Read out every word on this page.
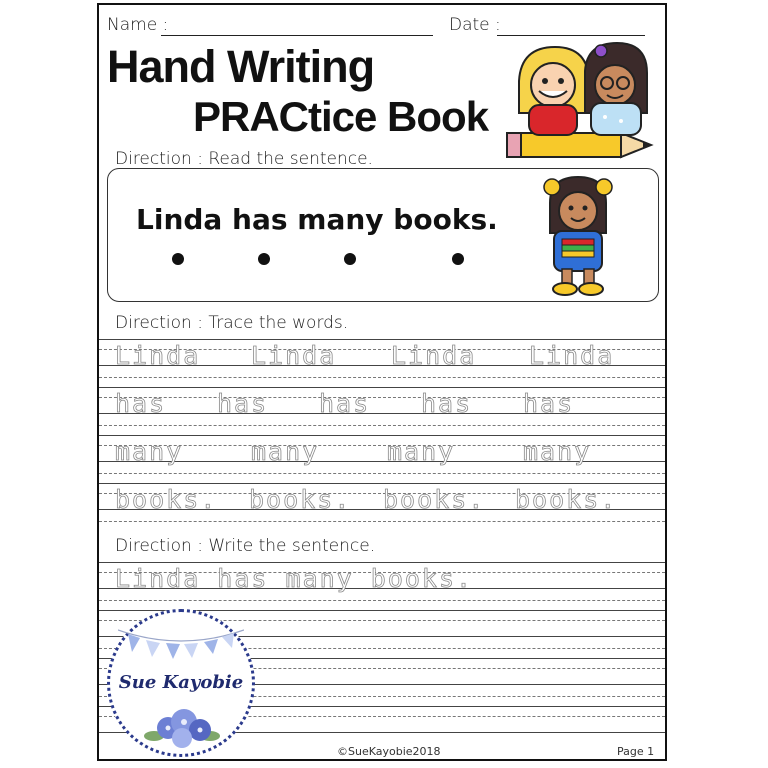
Name :	Date :
Hand Writing
PRACtice Book
Direction : Read the sentence.
Linda has many books.
Direction : Trace the words.
Linda Linda Linda Linda
has has has has has
many	many	many	many
books. books. books. books.
Direction : Write the sentence.
Linda has many books.
Sue Kayobie
©SueKayobie2018	Page 1
